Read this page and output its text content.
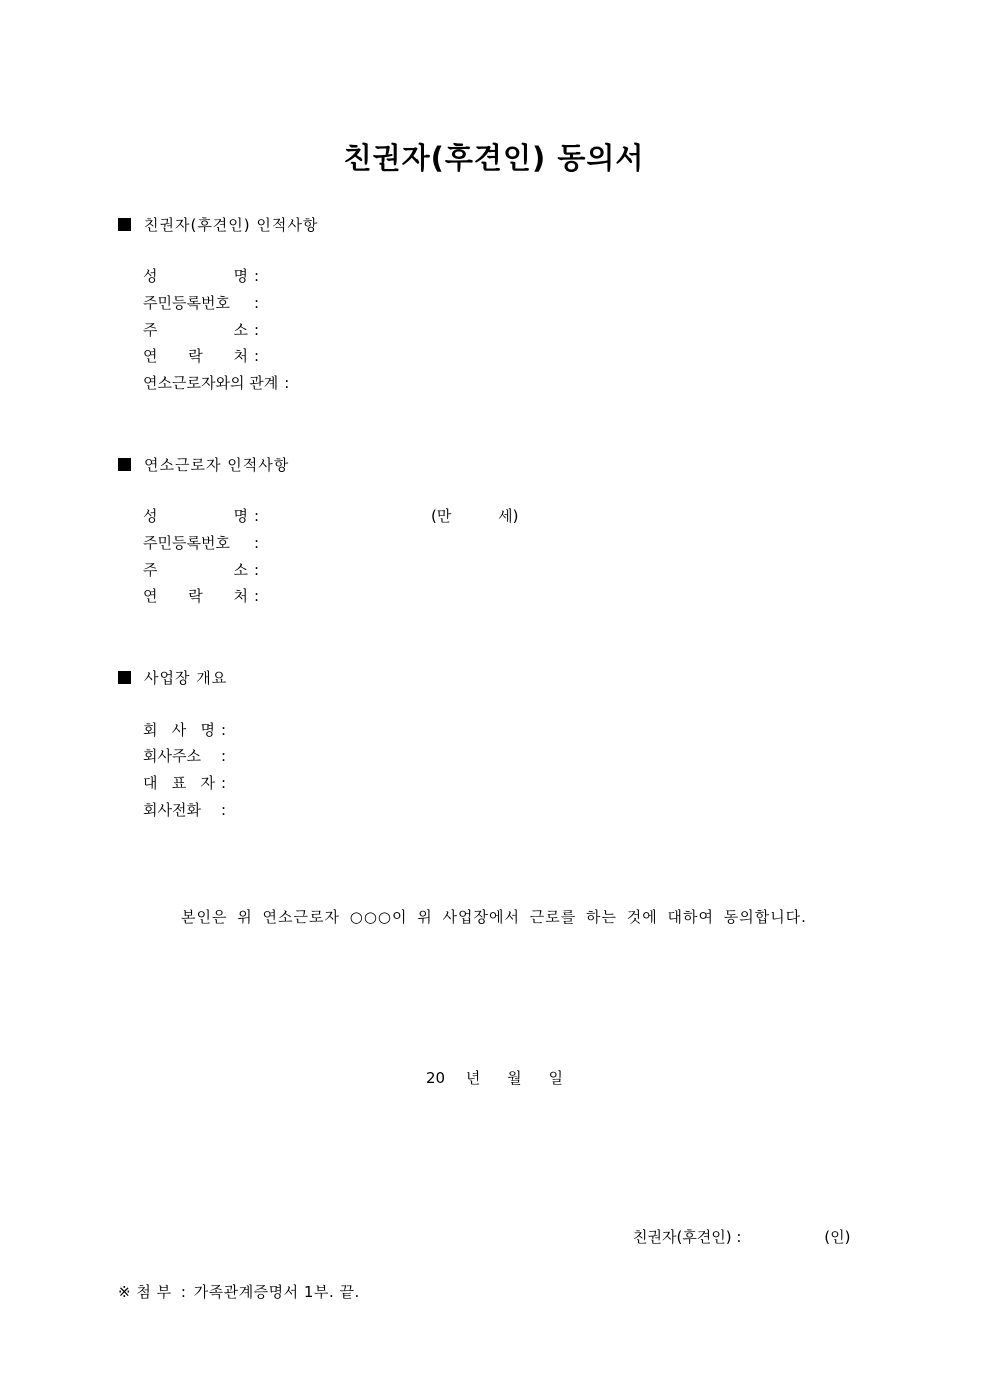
친권자(후견인) 동의서
친권자(후견인) 인적사항
성 명 :
주민등록번호 :
주 소 :
연 락 처 :
연소근로자와의 관계 :
연소근로자 인적사항
성 명 :	(만 세)
주민등록번호 :
주 소 :
연 락 처 :
사업장 개요
회 사 명 :
회사주소 :
대 표 자 :
회사전화 :
본인은 위 연소근로자 ○○○이 위 사업장에서 근로를 하는 것에 대하여 동의합니다.
20 년 월 일
친권자(후견인) :	(인)
※ 첨 부 : 가족관계증명서 1부. 끝.
